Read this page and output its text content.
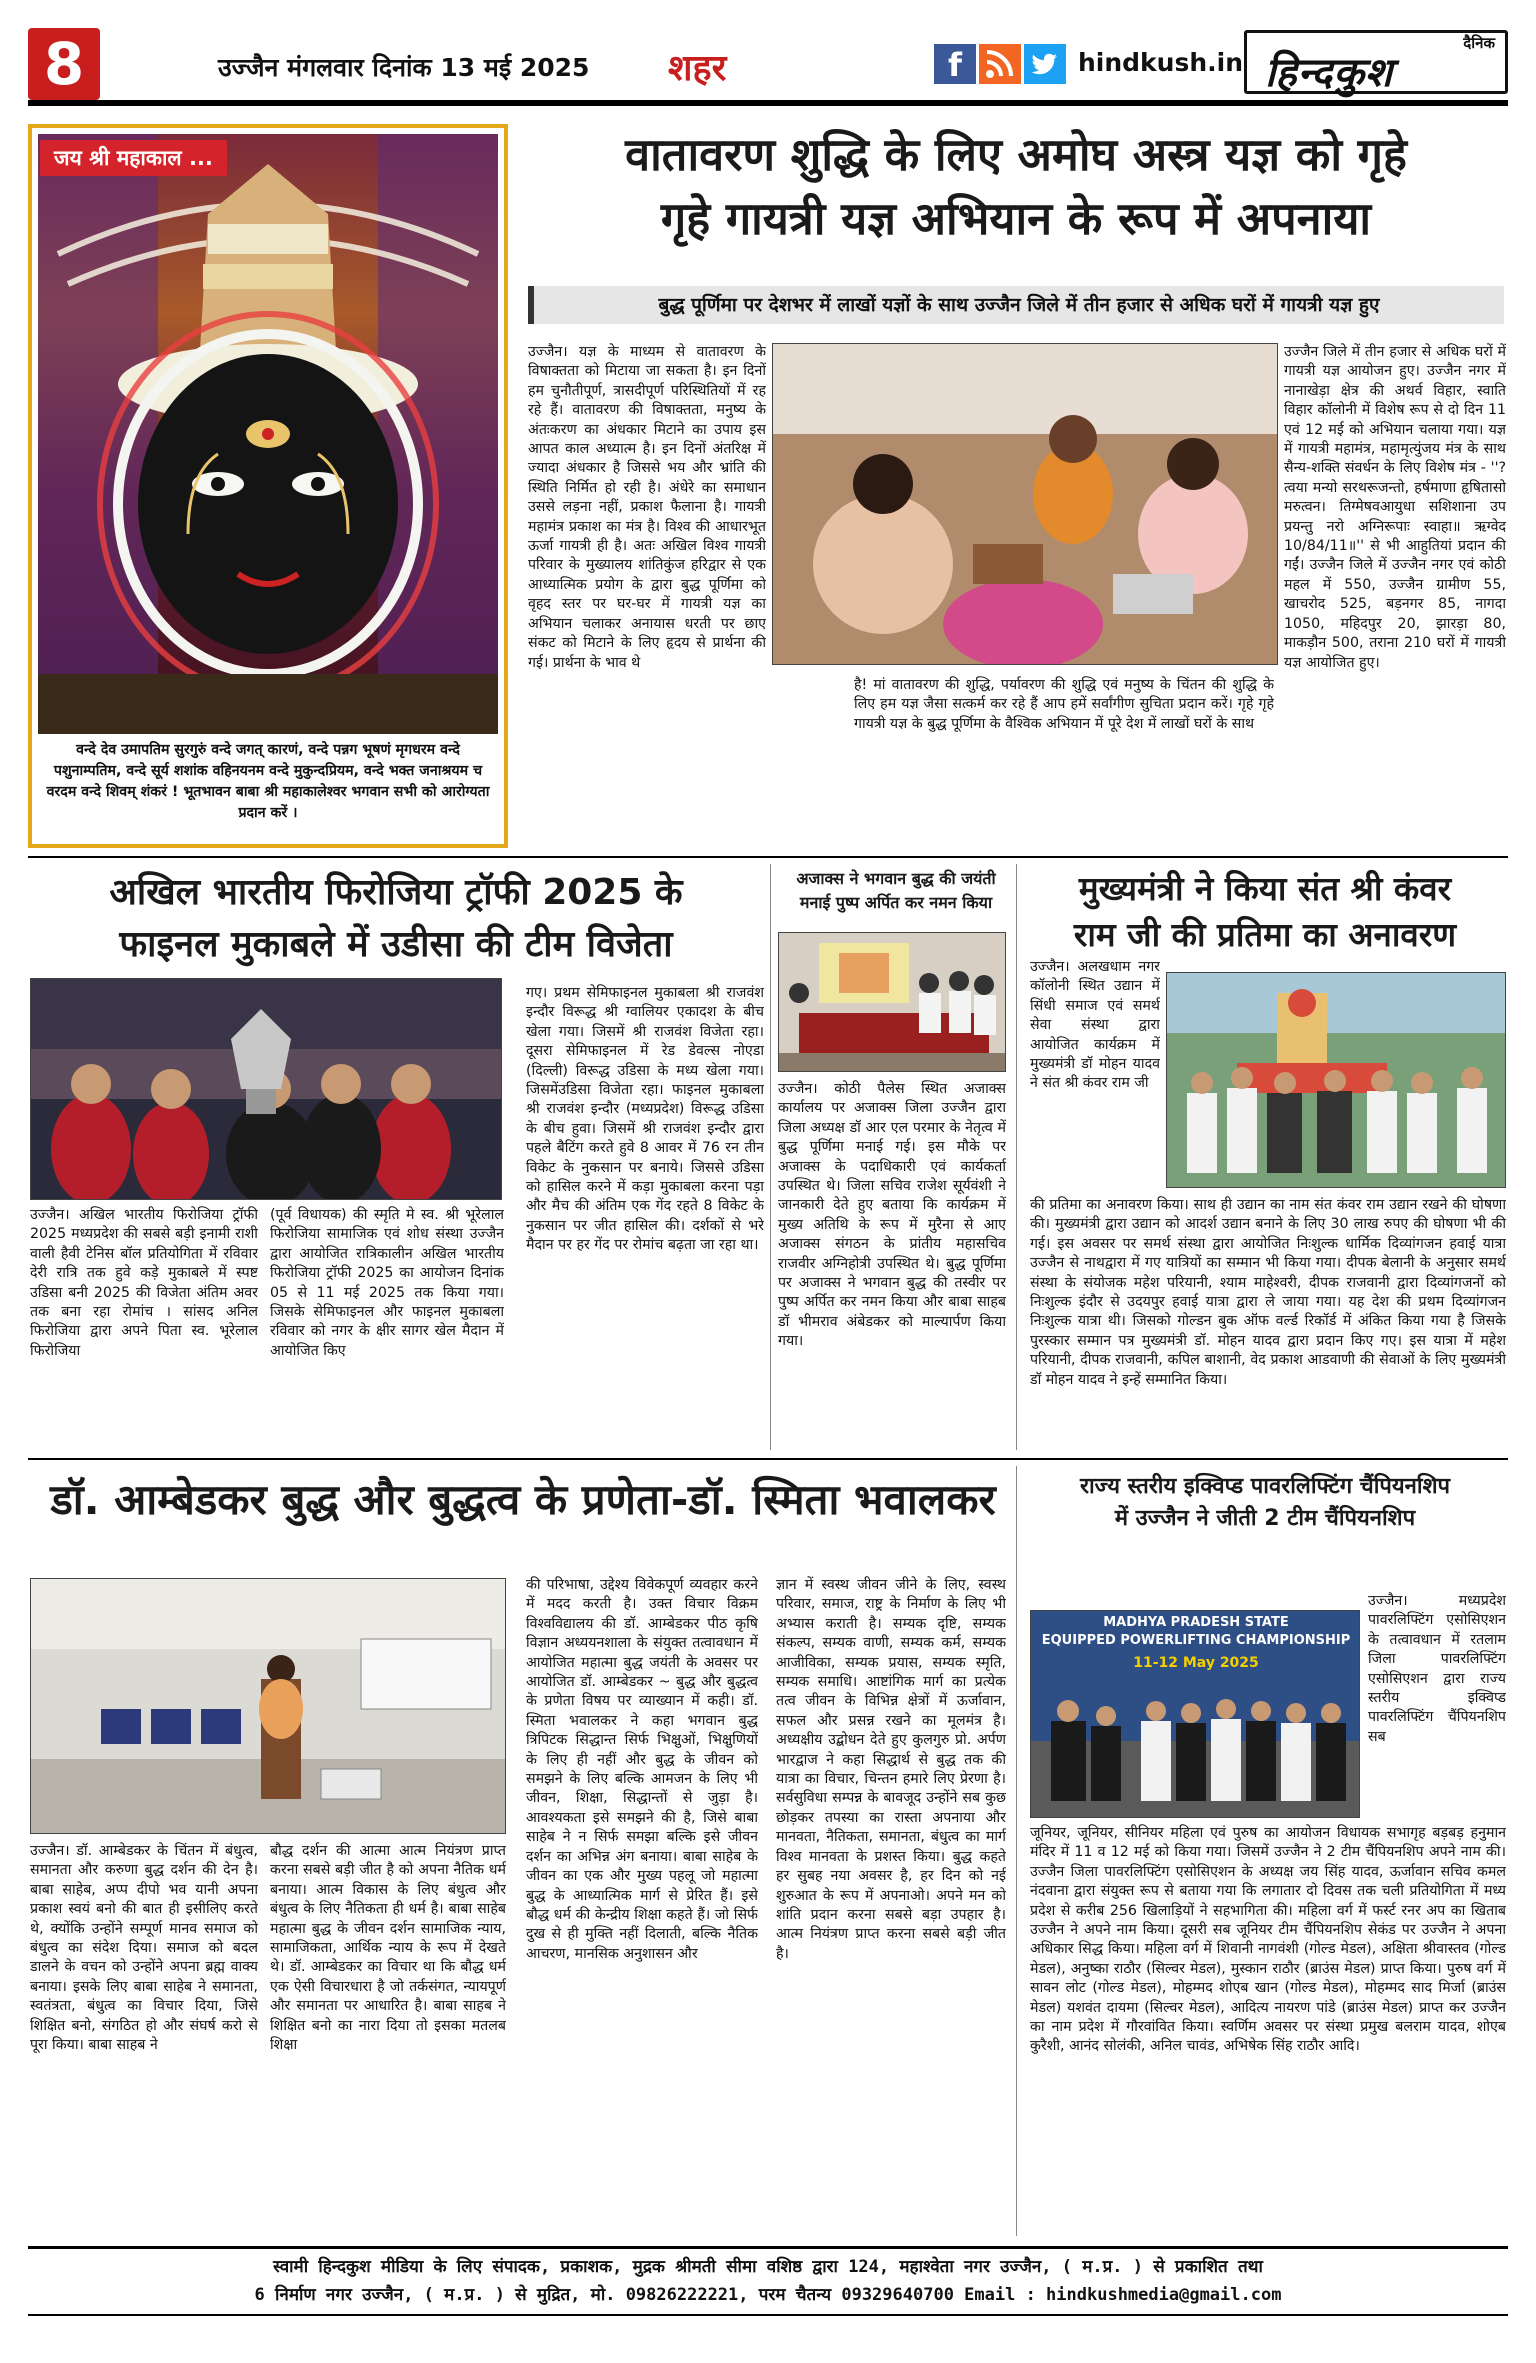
8	उज्जैन मंगलवार दिनांक 13 मई 2025 शहर	f	hindkush.in
दैनिक
हिन्दकुश
जय श्री महाकाल ...
वन्दे देव उमापतिम सुरगुरुं वन्दे जगत् कारणं, वन्दे पन्नग भूषणं मृगधरम वन्दे पशुनाम्पतिम, वन्दे सूर्य शशांक वहिनयनम वन्दे मुकुन्दप्रियम, वन्दे भक्त जनाश्रयम च वरदम वन्दे शिवम् शंकरं ! भूतभावन बाबा श्री महाकालेश्वर भगवान सभी को आरोग्यता प्रदान करें ।
वातावरण शुद्धि के लिए अमोघ अस्त्र यज्ञ को गृहे
गृहे गायत्री यज्ञ अभियान के रूप में अपनाया
बुद्ध पूर्णिमा पर देशभर में लाखों यज्ञों के साथ उज्जैन जिले में तीन हजार से अधिक घरों में गायत्री यज्ञ हुए
उज्जैन। यज्ञ के माध्यम से वातावरण के विषाक्तता को मिटाया जा सकता है। इन दिनों हम चुनौतीपूर्ण, त्रासदीपूर्ण परिस्थितियों में रह रहे हैं। वातावरण की विषाक्तता, मनुष्य के अंतःकरण का अंधकार मिटाने का उपाय इस आपत काल अध्यात्म है। इन दिनों अंतरिक्ष में ज्यादा अंधकार है जिससे भय और भ्रांति की स्थिति निर्मित हो रही है। अंधेरे का समाधान उससे लड़ना नहीं, प्रकाश फैलाना है। गायत्री महामंत्र प्रकाश का मंत्र है। विश्व की आधारभूत ऊर्जा गायत्री ही है। अतः अखिल विश्व गायत्री परिवार के मुख्यालय शांतिकुंज हरिद्वार से एक आध्यात्मिक प्रयोग के द्वारा बुद्ध पूर्णिमा को वृहद स्तर पर घर-घर में गायत्री यज्ञ का अभियान चलाकर अनायास धरती पर छाए संकट को मिटाने के लिए हृदय से प्रार्थना की गई। प्रार्थना के भाव थे
है! मां वातावरण की शुद्धि, पर्यावरण की शुद्धि एवं मनुष्य के चिंतन की शुद्धि के लिए हम यज्ञ जैसा सत्कर्म कर रहे हैं आप हमें सर्वांगीण सुचिता प्रदान करें। गृहे गृहे गायत्री यज्ञ के बुद्ध पूर्णिमा के वैश्विक अभियान में पूरे देश में लाखों घरों के साथ
उज्जैन जिले में तीन हजार से अधिक घरों में गायत्री यज्ञ आयोजन हुए। उज्जैन नगर में नानाखेड़ा क्षेत्र की अथर्व विहार, स्वाति विहार कॉलोनी में विशेष रूप से दो दिन 11 एवं 12 मई को अभियान चलाया गया। यज्ञ में गायत्री महामंत्र, महामृत्युंजय मंत्र के साथ सैन्य-शक्ति संवर्धन के लिए विशेष मंत्र - ''? त्वया मन्यो सरथरूजन्तो, हर्षमाणा हृषितासो मरुत्वन। तिग्मेषवआयुधा सशिशाना उप प्रयन्तु नरो अग्निरूपाः स्वाहा॥ ऋग्वेद 10/84/11॥'' से भी आहुतियां प्रदान की गईं। उज्जैन जिले में उज्जैन नगर एवं कोठी महल में 550, उज्जैन ग्रामीण 55, खाचरोद 525, बड़नगर 85, नागदा 1050, महिदपुर 20, झारड़ा 80, माकड़ौन 500, तराना 210 घरों में गायत्री यज्ञ आयोजित हुए।
अखिल भारतीय फिरोजिया ट्रॉफी 2025 के
फाइनल मुकाबले में उडीसा की टीम विजेता
उज्जैन। अखिल भारतीय फिरोजिया ट्रॉफी 2025 मध्यप्रदेश की सबसे बड़ी इनामी राशी वाली हैवी टेनिस बॉल प्रतियोगिता में रविवार देरी रात्रि तक हुवे कड़े मुकाबले में स्पष्ट उडिसा बनी 2025 की विजेता अंतिम अवर तक बना रहा रोमांच । सांसद अनिल फिरोजिया द्वारा अपने पिता स्व. भूरेलाल फिरोजिया
(पूर्व विधायक) की स्मृति मे स्व. श्री भूरेलाल फिरोजिया सामाजिक एवं शोध संस्था उज्जैन द्वारा आयोजित रात्रिकालीन अखिल भारतीय फिरोजिया ट्रॉफी 2025 का आयोजन दिनांक 05 से 11 मई 2025 तक किया गया। जिसके सेमिफाइनल और फाइनल मुकाबला रविवार को नगर के क्षीर सागर खेल मैदान में आयोजित किए
गए। प्रथम सेमिफाइनल मुकाबला श्री राजवंश इन्दौर विरूद्ध श्री ग्वालियर एकादश के बीच खेला गया। जिसमें श्री राजवंश विजेता रहा। दूसरा सेमिफाइनल में रेड डेवल्स नोएडा (दिल्ली) विरूद्ध उडिसा के मध्य खेला गया। जिसमेंउडिसा विजेता रहा। फाइनल मुकाबला श्री राजवंश इन्दौर (मध्यप्रदेश) विरूद्ध उडिसा के बीच हुवा। जिसमें श्री राजवंश इन्दौर द्वारा पहले बैटिंग करते हुवे 8 आवर में 76 रन तीन विकेट के नुकसान पर बनाये। जिससे उडिसा को हासिल करने में कड़ा मुकाबला करना पड़ा और मैच की अंतिम एक गेंद रहते 8 विकेट के नुकसान पर जीत हासिल की। दर्शकों से भरे मैदान पर हर गेंद पर रोमांच बढ़ता जा रहा था।
अजाक्स ने भगवान बुद्ध की जयंती
मनाई पुष्प अर्पित कर नमन किया
उज्जैन। कोठी पैलेस स्थित अजाक्स कार्यालय पर अजाक्स जिला उज्जैन द्वारा जिला अध्यक्ष डॉ आर एल परमार के नेतृत्व में बुद्ध पूर्णिमा मनाई गई। इस मौके पर अजाक्स के पदाधिकारी एवं कार्यकर्ता उपस्थित थे। जिला सचिव राजेश सूर्यवंशी ने जानकारी देते हुए बताया कि कार्यक्रम में मुख्य अतिथि के रूप में मुरैना से आए अजाक्स संगठन के प्रांतीय महासचिव राजवीर अग्निहोत्री उपस्थित थे। बुद्ध पूर्णिमा पर अजाक्स ने भगवान बुद्ध की तस्वीर पर पुष्प अर्पित कर नमन किया और बाबा साहब डॉ भीमराव अंबेडकर को माल्यार्पण किया गया।
मुख्यमंत्री ने किया संत श्री कंवर
राम जी की प्रतिमा का अनावरण
उज्जैन। अलखधाम नगर कॉलोनी स्थित उद्यान में सिंधी समाज एवं समर्थ सेवा संस्था द्वारा आयोजित कार्यक्रम में मुख्यमंत्री डॉ मोहन यादव ने संत श्री कंवर राम जी
की प्रतिमा का अनावरण किया। साथ ही उद्यान का नाम संत कंवर राम उद्यान रखने की घोषणा की। मुख्यमंत्री द्वारा उद्यान को आदर्श उद्यान बनाने के लिए 30 लाख रुपए की घोषणा भी की गई। इस अवसर पर समर्थ संस्था द्वारा आयोजित निःशुल्क धार्मिक दिव्यांगजन हवाई यात्रा उज्जैन से नाथद्वारा में गए यात्रियों का सम्मान भी किया गया। दीपक बेलानी के अनुसार समर्थ संस्था के संयोजक महेश परियानी, श्याम माहेश्वरी, दीपक राजवानी द्वारा दिव्यांगजनों को निःशुल्क इंदौर से उदयपुर हवाई यात्रा द्वारा ले जाया गया। यह देश की प्रथम दिव्यांगजन निःशुल्क यात्रा थी। जिसको गोल्डन बुक ऑफ वर्ल्ड रिकॉर्ड में अंकित किया गया है जिसके पुरस्कार सम्मान पत्र मुख्यमंत्री डॉ. मोहन यादव द्वारा प्रदान किए गए। इस यात्रा में महेश परियानी, दीपक राजवानी, कपिल बाशानी, वेद प्रकाश आडवाणी की सेवाओं के लिए मुख्यमंत्री डॉ मोहन यादव ने इन्हें सम्मानित किया।
डॉ. आम्बेडकर बुद्ध और बुद्धत्व के प्रणेता-डॉ. स्मिता भवालकर
उज्जैन। डॉ. आम्बेडकर के चिंतन में बंधुत्व, समानता और करुणा बुद्ध दर्शन की देन है। बाबा साहेब, अप्प दीपो भव यानी अपना प्रकाश स्वयं बनो की बात ही इसीलिए करते थे, क्योंकि उन्होंने सम्पूर्ण मानव समाज को बंधुत्व का संदेश दिया। समाज को बदल डालने के वचन को उन्होंने अपना ब्रह्म वाक्य बनाया। इसके लिए बाबा साहेब ने समानता, स्वतंत्रता, बंधुत्व का विचार दिया, जिसे शिक्षित बनो, संगठित हो और संघर्ष करो से पूरा किया। बाबा साहब ने
बौद्ध दर्शन की आत्मा आत्म नियंत्रण प्राप्त करना सबसे बड़ी जीत है को अपना नैतिक धर्म बनाया। आत्म विकास के लिए बंधुत्व और बंधुत्व के लिए नैतिकता ही धर्म है। बाबा साहेब महात्मा बुद्ध के जीवन दर्शन सामाजिक न्याय, सामाजिकता, आर्थिक न्याय के रूप में देखते थे। डॉ. आम्बेडकर का विचार था कि बौद्ध धर्म एक ऐसी विचारधारा है जो तर्कसंगत, न्यायपूर्ण और समानता पर आधारित है। बाबा साहब ने शिक्षित बनो का नारा दिया तो इसका मतलब शिक्षा
की परिभाषा, उद्देश्य विवेकपूर्ण व्यवहार करने में मदद करती है। उक्त विचार विक्रम विश्वविद्यालय की डॉ. आम्बेडकर पीठ कृषि विज्ञान अध्ययनशाला के संयुक्त तत्वावधान में आयोजित महात्मा बुद्ध जयंती के अवसर पर आयोजित डॉ. आम्बेडकर ~ बुद्ध और बुद्धत्व के प्रणेता विषय पर व्याख्यान में कही। डॉ. स्मिता भवालकर ने कहा भगवान बुद्ध त्रिपिटक सिद्धान्त सिर्फ भिक्षुओं, भिक्षुणियों के लिए ही नहीं और बुद्ध के जीवन को समझने के लिए बल्कि आमजन के लिए भी जीवन, शिक्षा, सिद्धान्तों से जुड़ा है। आवश्यकता इसे समझने की है, जिसे बाबा साहेब ने न सिर्फ समझा बल्कि इसे जीवन दर्शन का अभिन्न अंग बनाया। बाबा साहेब के जीवन का एक और मुख्य पहलू जो महात्मा बुद्ध के आध्यात्मिक मार्ग से प्रेरित हैं। इसे बौद्ध धर्म की केन्द्रीय शिक्षा कहते हैं। जो सिर्फ दुख से ही मुक्ति नहीं दिलाती, बल्कि नैतिक आचरण, मानसिक अनुशासन और
ज्ञान में स्वस्थ जीवन जीने के लिए, स्वस्थ परिवार, समाज, राष्ट्र के निर्माण के लिए भी अभ्यास कराती है। सम्यक दृष्टि, सम्यक संकल्प, सम्यक वाणी, सम्यक कर्म, सम्यक आजीविका, सम्यक प्रयास, सम्यक स्मृति, सम्यक समाधि। आष्टांगिक मार्ग का प्रत्येक तत्व जीवन के विभिन्न क्षेत्रों में ऊर्जावान, सफल और प्रसन्न रखने का मूलमंत्र है। अध्यक्षीय उद्बोधन देते हुए कुलगुरु प्रो. अर्पण भारद्वाज ने कहा सिद्धार्थ से बुद्ध तक की यात्रा का विचार, चिन्तन हमारे लिए प्रेरणा है। सर्वसुविधा सम्पन्न के बावजूद उन्होंने सब कुछ छोड़कर तपस्या का रास्ता अपनाया और मानवता, नैतिकता, समानता, बंधुत्व का मार्ग विश्व मानवता के प्रशस्त किया। बुद्ध कहते हर सुबह नया अवसर है, हर दिन को नई शुरुआत के रूप में अपनाओ। अपने मन को शांति प्रदान करना सबसे बड़ा उपहार है। आत्म नियंत्रण प्राप्त करना सबसे बड़ी जीत है।
राज्य स्तरीय इक्विप्ड पावरलिफ्टिंग चैंपियनशिप
में उज्जैन ने जीती 2 टीम चैंपियनशिप
MADHYA PRADESH STATE
EQUIPPED POWERLIFTING CHAMPIONSHIP
11-12 May 2025
उज्जैन। मध्यप्रदेश पावरलिफ्टिंग एसोसिएशन के तत्वावधान में रतलाम जिला पावरलिफ्टिंग एसोसिएशन द्वारा राज्य स्तरीय इक्विप्ड पावरलिफ्टिंग चैंपियनशिप सब
जूनियर, जूनियर, सीनियर महिला एवं पुरुष का आयोजन विधायक सभागृह बड़बड़ हनुमान मंदिर में 11 व 12 मई को किया गया। जिसमें उज्जैन ने 2 टीम चैंपियनशिप अपने नाम की। उज्जैन जिला पावरलिफ्टिंग एसोसिएशन के अध्यक्ष जय सिंह यादव, ऊर्जावान सचिव कमल नंदवाना द्वारा संयुक्त रूप से बताया गया कि लगातार दो दिवस तक चली प्रतियोगिता में मध्य प्रदेश से करीब 256 खिलाड़ियों ने सहभागिता की। महिला वर्ग में फर्स्ट रनर अप का खिताब उज्जैन ने अपने नाम किया। दूसरी सब जूनियर टीम चैंपियनशिप सेकंड पर उज्जैन ने अपना अधिकार सिद्ध किया। महिला वर्ग में शिवानी नागवंशी (गोल्ड मेडल), अक्षिता श्रीवास्तव (गोल्ड मेडल), अनुष्का राठौर (सिल्वर मेडल), मुस्कान राठौर (ब्राउंस मेडल) प्राप्त किया। पुरुष वर्ग में सावन लोट (गोल्ड मेडल), मोहम्मद शोएब खान (गोल्ड मेडल), मोहम्मद साद मिर्जा (ब्राउंस मेडल) यशवंत दायमा (सिल्वर मेडल), आदित्य नायरण पांडे (ब्राउंस मेडल) प्राप्त कर उज्जैन का नाम प्रदेश में गौरवांवित किया। स्वर्णिम अवसर पर संस्था प्रमुख बलराम यादव, शोएब कुरैशी, आनंद सोलंकी, अनिल चावंड, अभिषेक सिंह राठौर आदि।
स्वामी हिन्दकुश मीडिया के लिए संपादक, प्रकाशक, मुद्रक श्रीमती सीमा वशिष्ठ द्वारा 124, महाश्वेता नगर उज्जैन, ( म.प्र. ) से प्रकाशित तथा
6 निर्माण नगर उज्जैन, ( म.प्र. ) से मुद्रित, मो. 09826222221, परम चैतन्य 09329640700 Email : hindkushmedia@gmail.com
